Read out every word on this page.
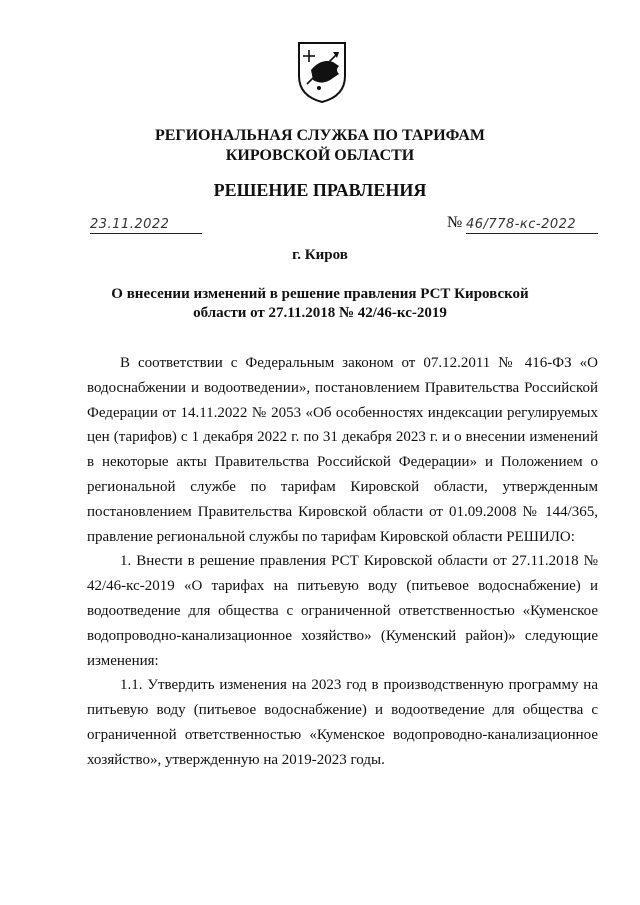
РЕГИОНАЛЬНАЯ СЛУЖБА ПО ТАРИФАМ
КИРОВСКОЙ ОБЛАСТИ
РЕШЕНИЕ ПРАВЛЕНИЯ
23.11.2022	№ 46/778-кс-2022
г. Киров
О внесении изменений в решение правления РСТ Кировской
области от 27.11.2018 № 42/46-кс-2019

В соответствии с Федеральным законом от 07.12.2011 № 416-ФЗ «О водоснабжении и водоотведении», постановлением Правительства Российской Федерации от 14.11.2022 № 2053 «Об особенностях индексации регулируемых цен (тарифов) с 1 декабря 2022 г. по 31 декабря 2023 г. и о внесении изменений в некоторые акты Правительства Российской Федерации» и Положением о региональной службе по тарифам Кировской области, утвержденным постановлением Правительства Кировской области от 01.09.2008 № 144/365, правление региональной службы по тарифам Кировской области РЕШИЛО:

1. Внести в решение правления РСТ Кировской области от 27.11.2018 № 42/46-кс-2019 «О тарифах на питьевую воду (питьевое водоснабжение) и водоотведение для общества с ограниченной ответственностью «Куменское водопроводно-канализационное хозяйство» (Куменский район)» следующие изменения:

1.1. Утвердить изменения на 2023 год в производственную программу на питьевую воду (питьевое водоснабжение) и водоотведение для общества с ограниченной ответственностью «Куменское водопроводно-канализационное хозяйство», утвержденную на 2019-2023 годы.
